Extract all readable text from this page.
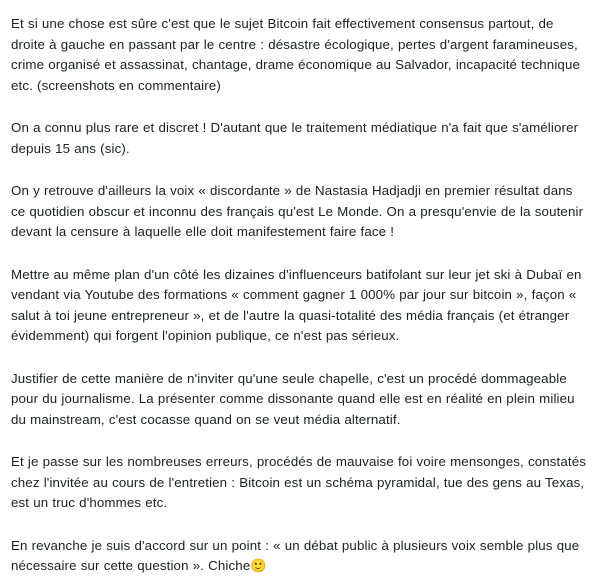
Et si une chose est sûre c'est que le sujet Bitcoin fait effectivement consensus partout, de droite à gauche en passant par le centre : désastre écologique, pertes d'argent faramineuses, crime organisé et assassinat, chantage, drame économique au Salvador, incapacité technique etc. (screenshots en commentaire)

On a connu plus rare et discret ! D'autant que le traitement médiatique n'a fait que s'améliorer depuis 15 ans (sic).

On y retrouve d'ailleurs la voix « discordante » de Nastasia Hadjadji en premier résultat dans ce quotidien obscur et inconnu des français qu'est Le Monde. On a presqu'envie de la soutenir devant la censure à laquelle elle doit manifestement faire face !

Mettre au même plan d'un côté les dizaines d'influenceurs batifolant sur leur jet ski à Dubaï en vendant via Youtube des formations « comment gagner 1 000% par jour sur bitcoin », façon « salut à toi jeune entrepreneur », et de l'autre la quasi-totalité des média français (et étranger évidemment) qui forgent l'opinion publique, ce n'est pas sérieux.

Justifier de cette manière de n'inviter qu'une seule chapelle, c'est un procédé dommageable pour du journalisme. La présenter comme dissonante quand elle est en réalité en plein milieu du mainstream, c'est cocasse quand on se veut média alternatif.

Et je passe sur les nombreuses erreurs, procédés de mauvaise foi voire mensonges, constatés chez l'invitée au cours de l'entretien : Bitcoin est un schéma pyramidal, tue des gens au Texas, est un truc d'hommes etc.

En revanche je suis d'accord sur un point : « un débat public à plusieurs voix semble plus que nécessaire sur cette question ». Chiche🙂
